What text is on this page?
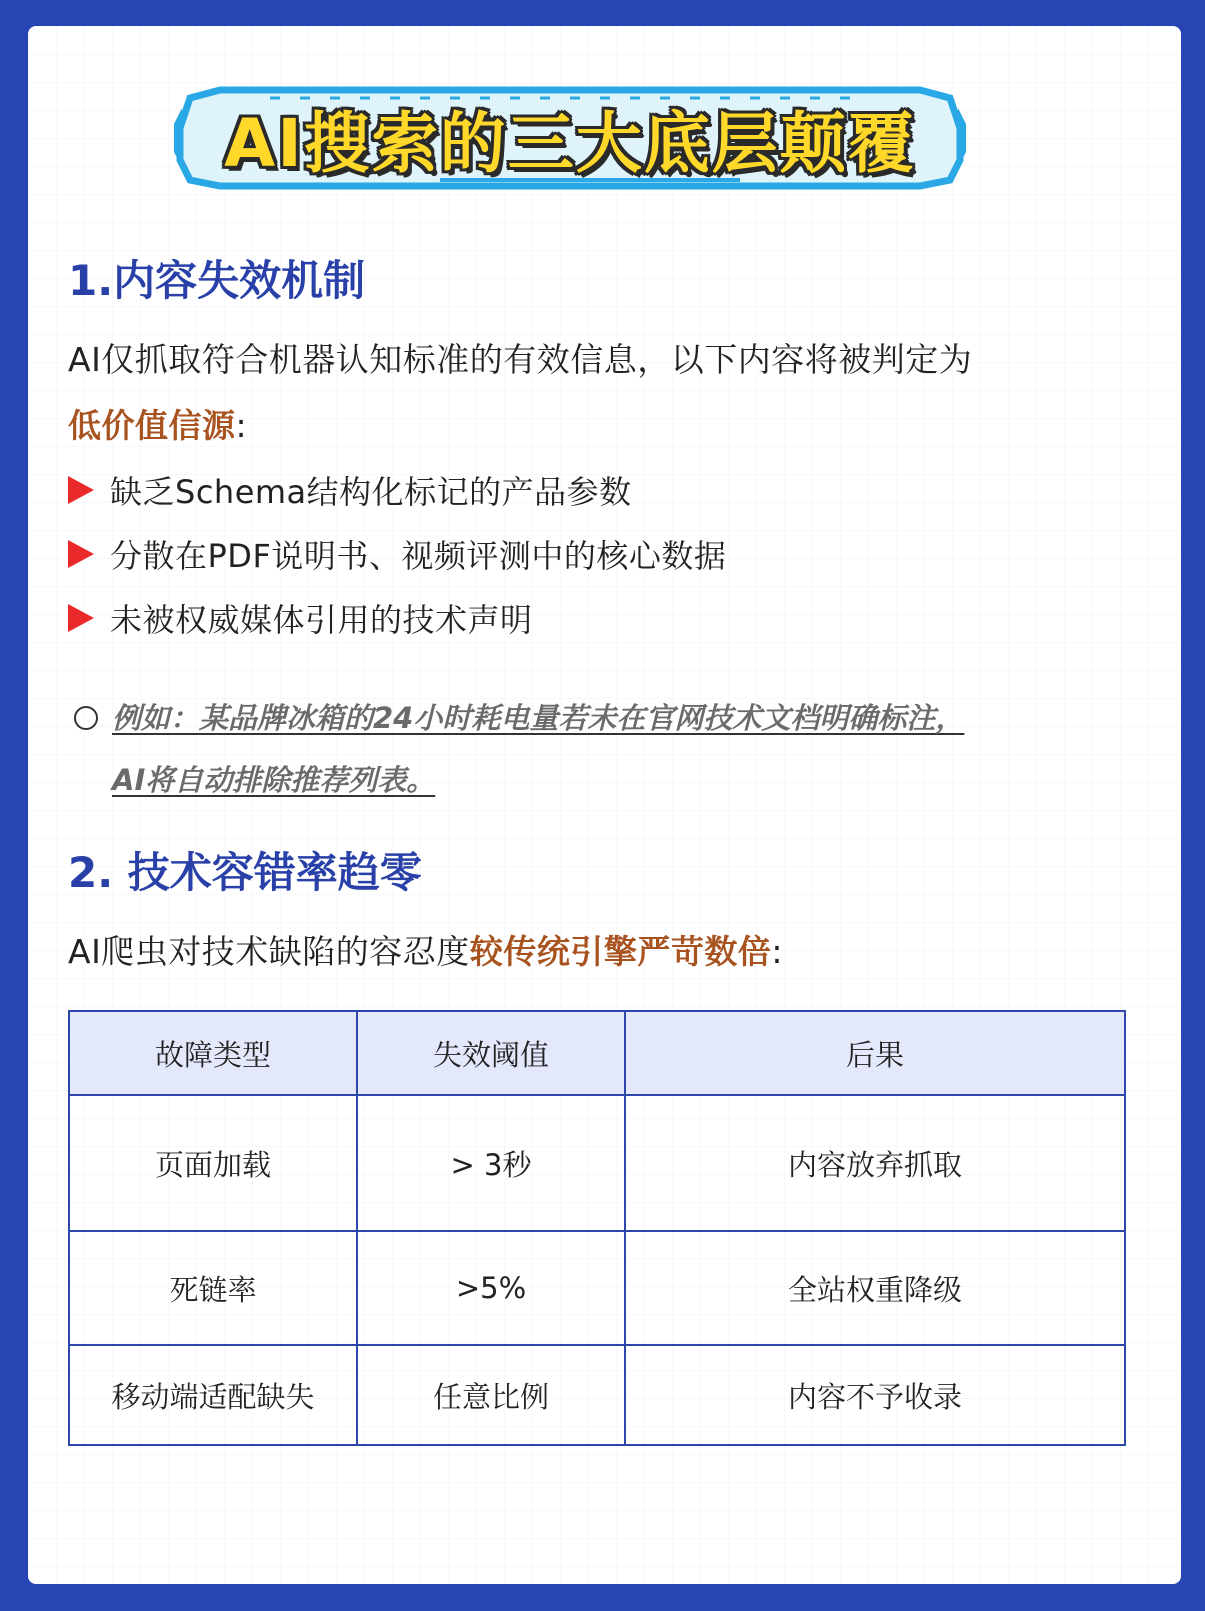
AI搜索的三大底层颠覆
1.内容失效机制
AI仅抓取符合机器认知标准的有效信息，以下内容将被判定为
低价值信源:
缺乏Schema结构化标记的产品参数
分散在PDF说明书、视频评测中的核心数据
未被权威媒体引用的技术声明
例如：某品牌冰箱的24小时耗电量若未在官网技术文档明确标注，
AI将自动排除推荐列表。
2. 技术容错率趋零
AI爬虫对技术缺陷的容忍度较传统引擎严苛数倍:
故障类型	失效阈值	后果
页面加载	> 3秒	内容放弃抓取
死链率	>5%	全站权重降级
移动端适配缺失	任意比例	内容不予收录
